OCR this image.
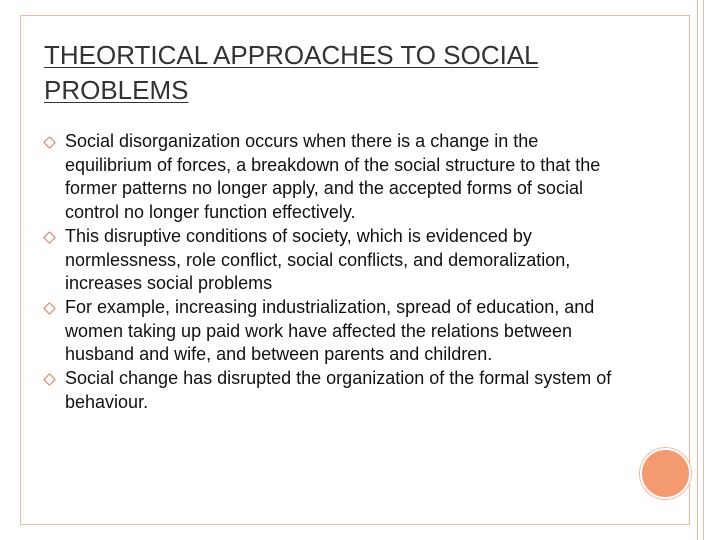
THEORTICAL APPROACHES TO SOCIAL PROBLEMS
Social disorganization occurs when there is a change in the equilibrium of forces, a breakdown of the social structure to that the former patterns no longer apply, and the accepted forms of social control no longer function effectively.
This disruptive conditions of society, which is evidenced by normlessness, role conflict, social conflicts, and demoralization, increases social problems
For example, increasing industrialization, spread of education, and women taking up paid work have affected the relations between husband and wife, and between parents and children.
Social change has disrupted the organization of the formal system of behaviour.
